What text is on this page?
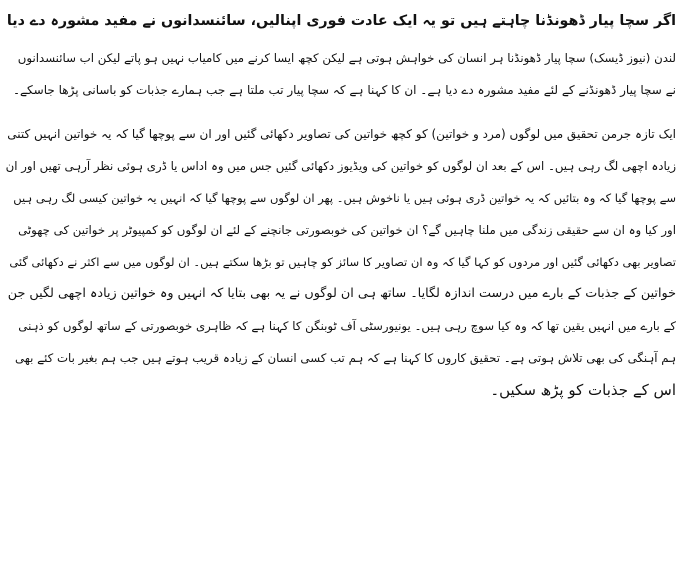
اگر سچا پیار ڈھونڈنا چاہتے ہیں تو یہ ایک عادت فوری اپنالیں، سائنسدانوں نے مفید مشورہ دے دیا
لندن (نیوز ڈیسک) سچا پیار ڈھونڈنا ہر انسان کی خواہش ہوتی ہے لیکن کچھ ایسا کرنے میں کامیاب نہیں ہو پاتے لیکن اب سائنسدانوں
نے سچا پیار ڈھونڈنے کے لئے مفید مشورہ دے دیا ہے۔ ان کا کہنا ہے کہ سچا پیار تب ملتا ہے جب ہمارے جذبات کو باسانی پڑھا جاسکے۔
ایک تازہ جرمن تحقیق میں لوگوں (مرد و خواتین) کو کچھ خواتین کی تصاویر دکھائی گئیں اور ان سے پوچھا گیا کہ یہ خواتین انہیں کتنی
زیادہ اچھی لگ رہی ہیں۔ اس کے بعد ان لوگوں کو خواتین کی ویڈیوز دکھائی گئیں جس میں وہ اداس یا ڈری ہوئی نظر آرہی تھیں اور ان
سے پوچھا گیا کہ وہ بتائیں کہ یہ خواتین ڈری ہوئی ہیں یا ناخوش ہیں۔ پھر ان لوگوں سے پوچھا گیا کہ انہیں یہ خواتین کیسی لگ رہی ہیں
اور کیا وہ ان سے حقیقی زندگی میں ملنا چاہیں گے؟ ان خواتین کی خوبصورتی جانچنے کے لئے ان لوگوں کو کمپیوٹر پر خواتین کی چھوٹی
تصاویر بھی دکھائی گئیں اور مردوں کو کہا گیا کہ وہ ان تصاویر کا سائز کو چاہیں تو بڑھا سکتے ہیں۔ ان لوگوں میں سے اکثر نے دکھائی گئی
خواتین کے جذبات کے بارے میں درست اندازہ لگایا۔ ساتھ ہی ان لوگوں نے یہ بھی بتایا کہ انہیں وہ خواتین زیادہ اچھی لگیں جن
کے بارے میں انہیں یقین تھا کہ وہ کیا سوچ رہی ہیں۔ یونیورسٹی آف ٹوبنگن کا کہنا ہے کہ ظاہری خوبصورتی کے ساتھ لوگوں کو ذہنی
ہم آہنگی کی بھی تلاش ہوتی ہے۔ تحقیق کاروں کا کہنا ہے کہ ہم تب کسی انسان کے زیادہ قریب ہوتے ہیں جب ہم بغیر بات کئے بھی
اس کے جذبات کو پڑھ سکیں۔
